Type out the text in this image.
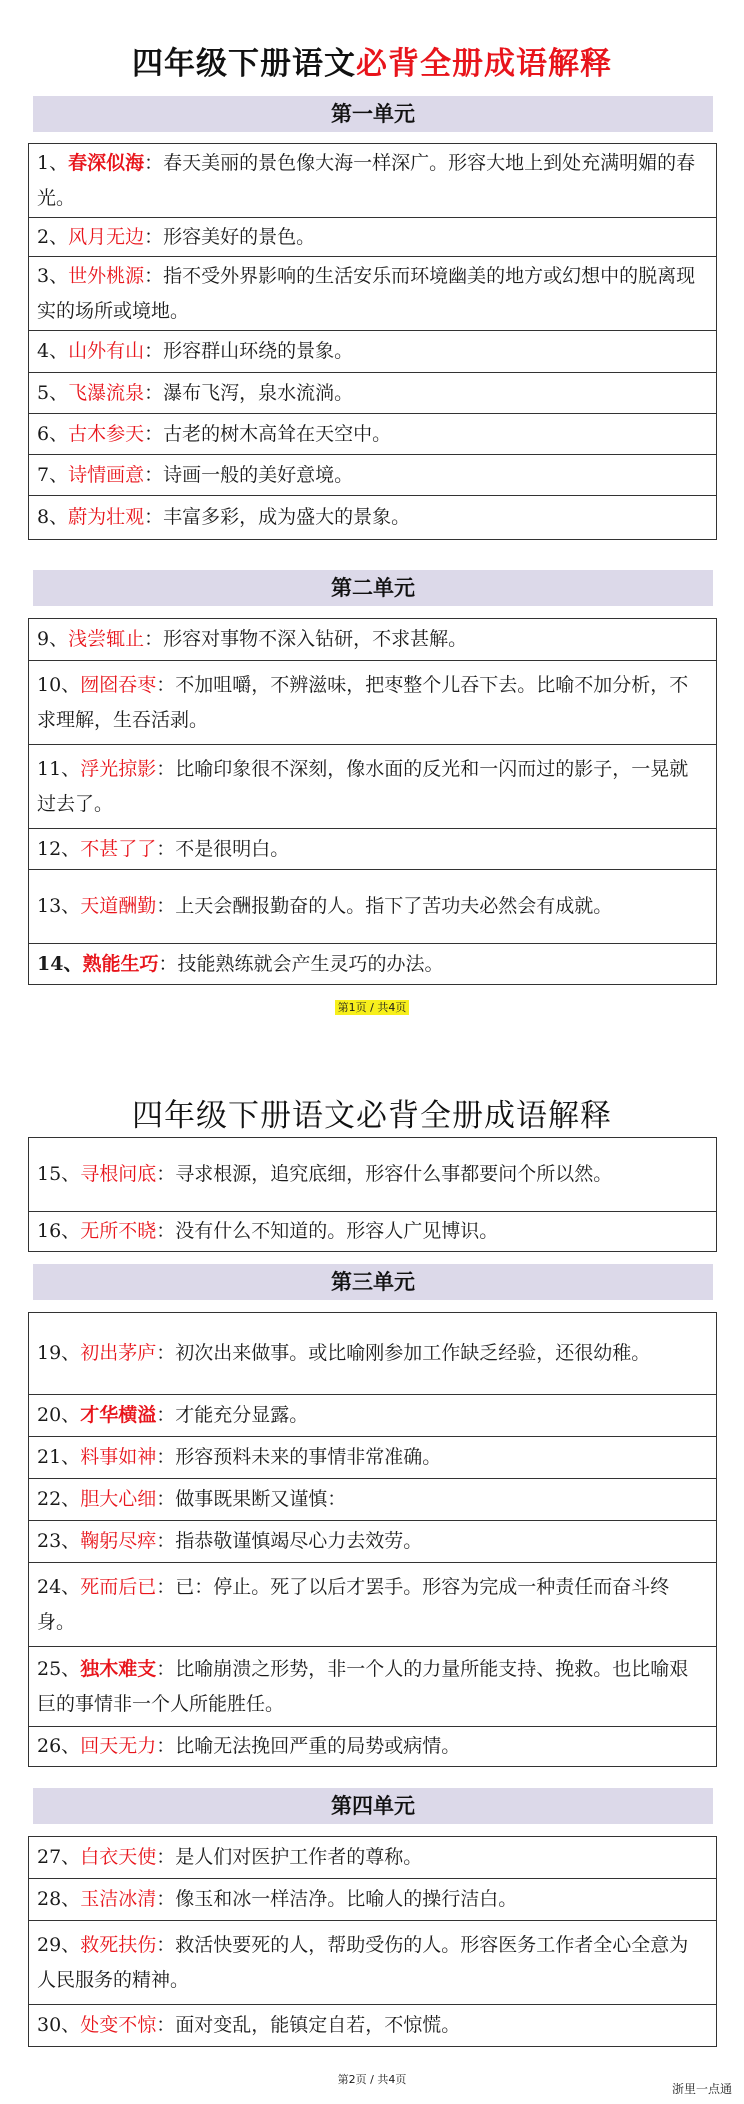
四年级下册语文必背全册成语解释
第一单元
1、春深似海：春天美丽的景色像大海一样深广。形容大地上到处充满明媚的春光。
2、风月无边：形容美好的景色。
3、世外桃源：指不受外界影响的生活安乐而环境幽美的地方或幻想中的脱离现实的场所或境地。
4、山外有山：形容群山环绕的景象。
5、飞瀑流泉：瀑布飞泻，泉水流淌。
6、古木参天：古老的树木高耸在天空中。
7、诗情画意：诗画一般的美好意境。
8、蔚为壮观：丰富多彩，成为盛大的景象。
第二单元
9、浅尝辄止：形容对事物不深入钻研，不求甚解。
10、囫囵吞枣：不加咀嚼，不辨滋味，把枣整个儿吞下去。比喻不加分析，不求理解，生吞活剥。
11、浮光掠影：比喻印象很不深刻，像水面的反光和一闪而过的影子，一晃就过去了。
12、不甚了了：不是很明白。
13、天道酬勤：上天会酬报勤奋的人。指下了苦功夫必然会有成就。
14、熟能生巧：技能熟练就会产生灵巧的办法。
第1页 / 共4页
四年级下册语文必背全册成语解释
15、寻根问底：寻求根源，追究底细，形容什么事都要问个所以然。
16、无所不晓：没有什么不知道的。形容人广见博识。
第三单元
19、初出茅庐：初次出来做事。或比喻刚参加工作缺乏经验，还很幼稚。
20、才华横溢：才能充分显露。
21、料事如神：形容预料未来的事情非常准确。
22、胆大心细：做事既果断又谨慎：
23、鞠躬尽瘁：指恭敬谨慎竭尽心力去效劳。
24、死而后已：已：停止。死了以后才罢手。形容为完成一种责任而奋斗终身。
25、独木难支：比喻崩溃之形势，非一个人的力量所能支持、挽救。也比喻艰巨的事情非一个人所能胜任。
26、回天无力：比喻无法挽回严重的局势或病情。
第四单元
27、白衣天使：是人们对医护工作者的尊称。
28、玉洁冰清：像玉和冰一样洁净。比喻人的操行洁白。
29、救死扶伤：救活快要死的人，帮助受伤的人。形容医务工作者全心全意为人民服务的精神。
30、处变不惊：面对变乱，能镇定自若，不惊慌。
第2页 / 共4页
浙里一点通
